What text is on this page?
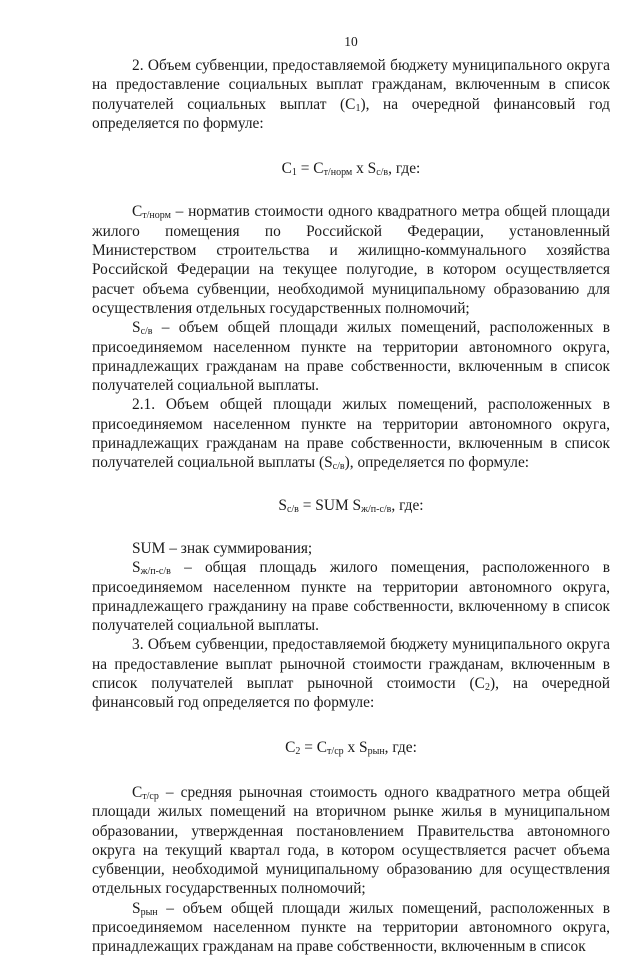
10

2. Объем субвенции, предоставляемой бюджету муниципального округа на предоставление социальных выплат гражданам, включенным в список получателей социальных выплат $(С_1)$, на очередной финансовый год определяется по формуле:

$С_1 = С_{т/норм}$ х $S_{с/в}$, где:

$С_{т/норм}$ – норматив стоимости одного квадратного метра общей площади жилого помещения по Российской Федерации, установленный Министерством строительства и жилищно-коммунального хозяйства Российской Федерации на текущее полугодие, в котором осуществляется расчет объема субвенции, необходимой муниципальному образованию для осуществления отдельных государственных полномочий;

$S_{с/в}$ – объем общей площади жилых помещений, расположенных в присоединяемом населенном пункте на территории автономного округа, принадлежащих гражданам на праве собственности, включенным в список получателей социальной выплаты.

2.1. Объем общей площади жилых помещений, расположенных в присоединяемом населенном пункте на территории автономного округа, принадлежащих гражданам на праве собственности, включенным в список получателей социальной выплаты $(S_{с/в})$, определяется по формуле:

$S_{с/в}$ = SUM $S_{ж/п-с/в}$, где:

SUM – знак суммирования;

$S_{ж/п-с/в}$ – общая площадь жилого помещения, расположенного в присоединяемом населенном пункте на территории автономного округа, принадлежащего гражданину на праве собственности, включенному в список получателей социальной выплаты.

3. Объем субвенции, предоставляемой бюджету муниципального округа на предоставление выплат рыночной стоимости гражданам, включенным в список получателей выплат рыночной стоимости $(С_2)$, на очередной финансовый год определяется по формуле:

$С_2 = С_{т/ср}$ х $S_{рын}$, где:

$С_{т/ср}$ – средняя рыночная стоимость одного квадратного метра общей площади жилых помещений на вторичном рынке жилья в муниципальном образовании, утвержденная постановлением Правительства автономного округа на текущий квартал года, в котором осуществляется расчет объема субвенции, необходимой муниципальному образованию для осуществления отдельных государственных полномочий;

$S_{рын}$ – объем общей площади жилых помещений, расположенных в присоединяемом населенном пункте на территории автономного округа, принадлежащих гражданам на праве собственности, включенным в список
